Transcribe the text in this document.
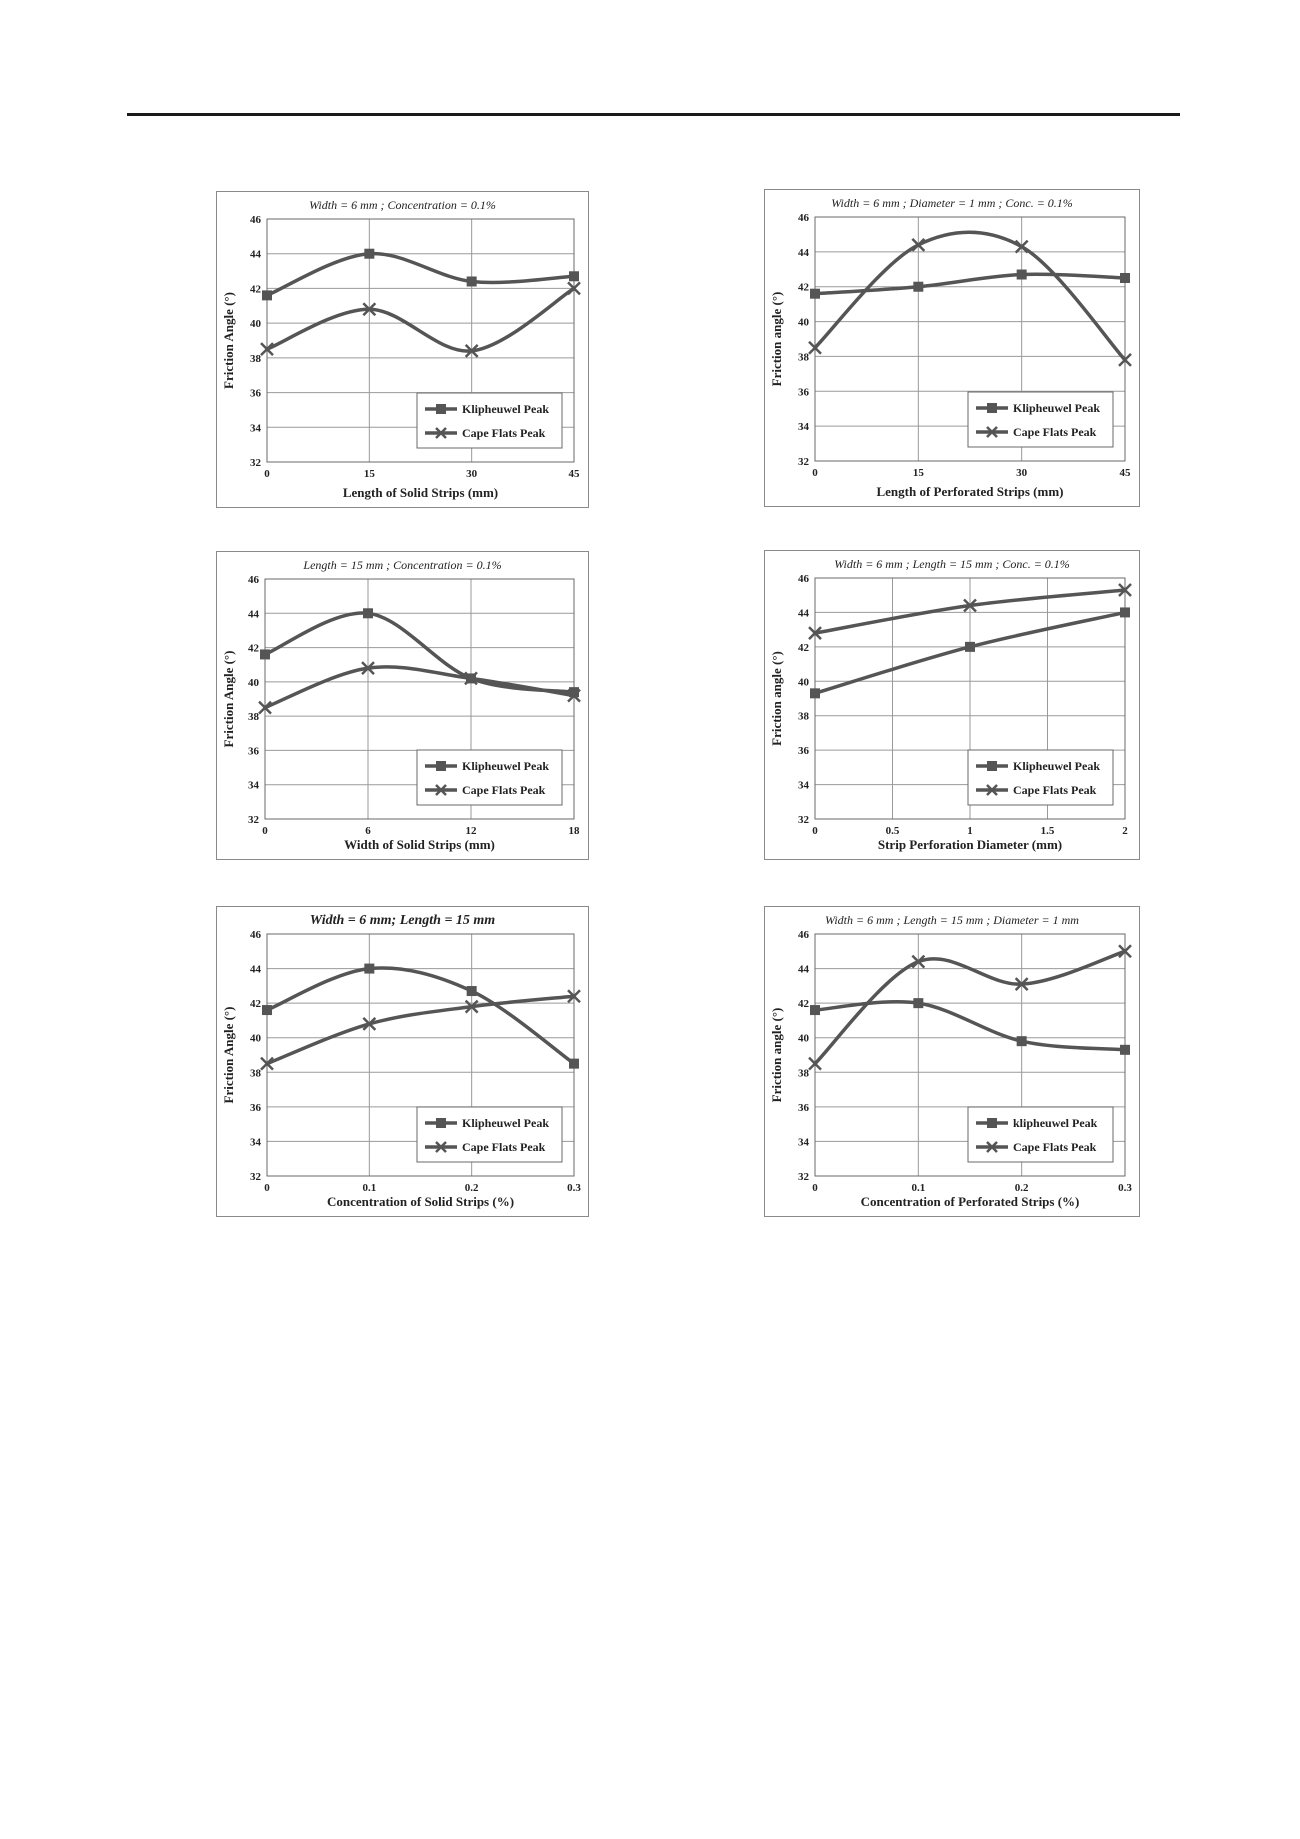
Width = 6 mm ; Concentration = 0.1%
32
34
36
38
40
42
44
46
0	15	30	45
Length of Solid Strips (mm)
Friction Angle (°)
Klipheuwel Peak
Cape Flats Peak
Width = 6 mm ; Diameter = 1 mm ; Conc. = 0.1%
32
34
36
38
40
42
44
46
0	15	30	45
Length of Perforated Strips (mm)
Friction angle (°)
Klipheuwel Peak
Cape Flats Peak
Length = 15 mm ; Concentration = 0.1%
32
34
36
38
40
42
44
46
0	6	12	18
Width of Solid Strips (mm)
Friction Angle (°)
Klipheuwel Peak
Cape Flats Peak
Width = 6 mm ; Length = 15 mm ; Conc. = 0.1%
32
34
36
38
40
42
44
46
0	0.5	1	1.5	2
Strip Perforation Diameter (mm)
Friction angle (°)
Klipheuwel Peak
Cape Flats Peak
Width = 6 mm; Length = 15 mm
32
34
36
38
40
42
44
46
0	0.1	0.2	0.3
Concentration of Solid Strips (%)
Friction Angle (°)
Klipheuwel Peak
Cape Flats Peak
Width = 6 mm ; Length = 15 mm ; Diameter = 1 mm
32
34
36
38
40
42
44
46
0	0.1	0.2	0.3
Concentration of Perforated Strips (%)
Friction angle (°)
klipheuwel Peak
Cape Flats Peak
